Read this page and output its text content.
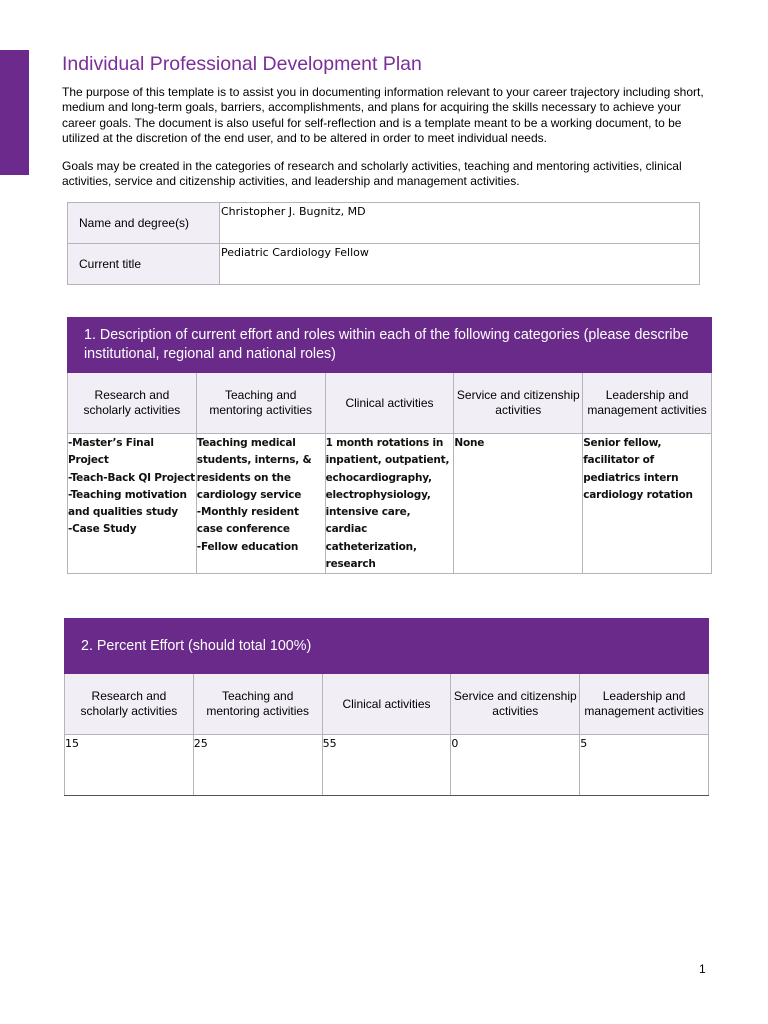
Individual Professional Development Plan

The purpose of this template is to assist you in documenting information relevant to your career trajectory including short, medium and long-term goals, barriers, accomplishments, and plans for acquiring the skills necessary to achieve your career goals. The document is also useful for self-reflection and is a template meant to be a working document, to be utilized at the discretion of the end user, and to be altered in order to meet individual needs.

Goals may be created in the categories of research and scholarly activities, teaching and mentoring activities, clinical activities, service and citizenship activities, and leadership and management activities.

Name and degree(s)	Christopher J. Bugnitz, MD
Current title	Pediatric Cardiology Fellow
1. Description of current effort and roles within each of the following categories (please describe institutional, regional and national roles)				
Research and scholarly activities	Teaching and mentoring activities	Clinical activities	Service and citizenship activities	Leadership and management activities
-Master’s Final Project
-Teach-Back QI Project
-Teaching motivation and qualities study
-Case Study	Teaching medical students, interns, & residents on the cardiology service
-Monthly resident case conference
-Fellow education	1 month rotations in inpatient, outpatient, echocardiography, electrophysiology, intensive care, cardiac catheterization, research	None	Senior fellow, facilitator of pediatrics intern cardiology rotation
2. Percent Effort (should total 100%)				
Research and scholarly activities	Teaching and mentoring activities	Clinical activities	Service and citizenship activities	Leadership and management activities
15	25	55	0	5
1
